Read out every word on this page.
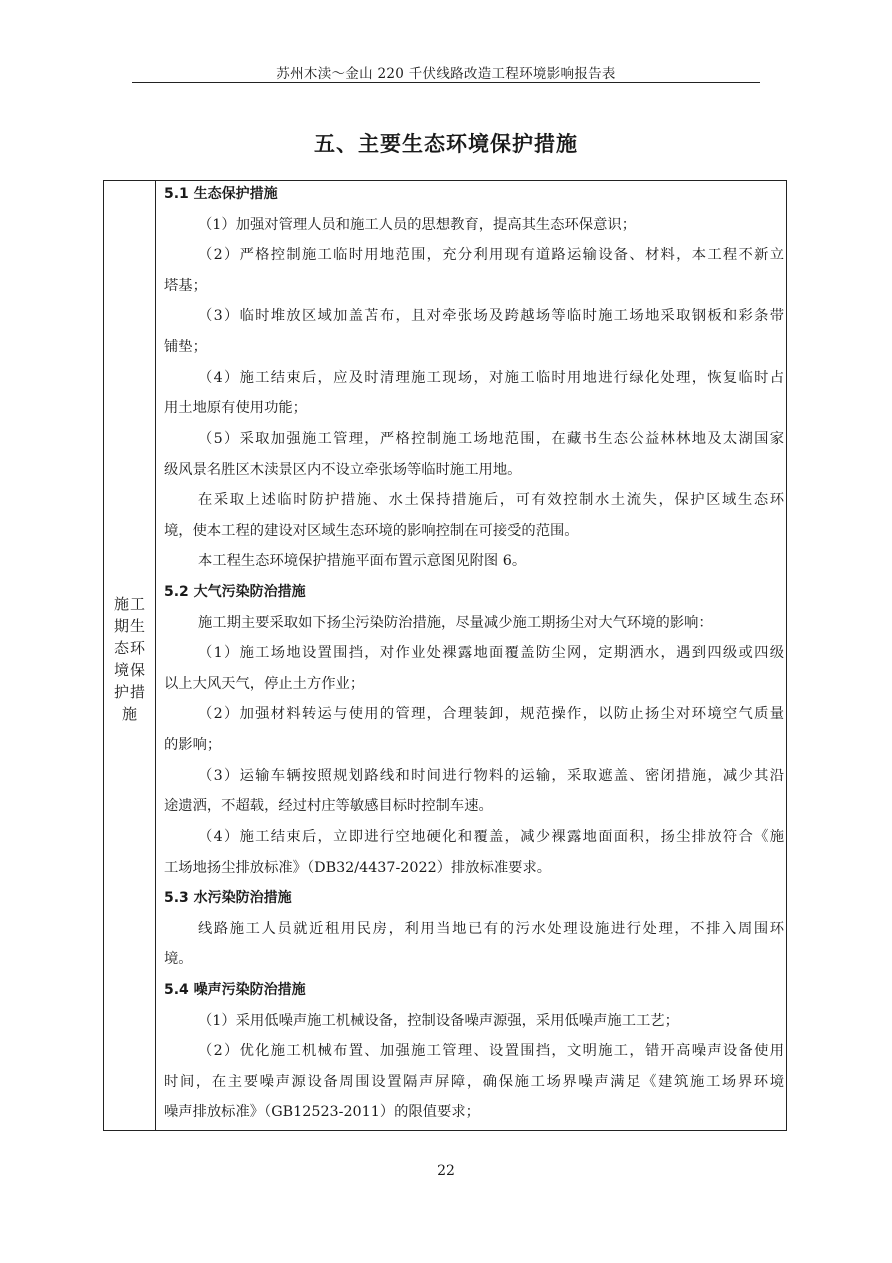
苏州木渎～金山 220 千伏线路改造工程环境影响报告表
五、主要生态环境保护措施
施工
期生
态环
境保
护措
施
5.1 生态保护措施
（1）加强对管理人员和施工人员的思想教育，提高其生态环保意识；
（2）严格控制施工临时用地范围，充分利用现有道路运输设备、材料，本工程不新立
塔基；
（3）临时堆放区域加盖苫布，且对牵张场及跨越场等临时施工场地采取钢板和彩条带
铺垫；
（4）施工结束后，应及时清理施工现场，对施工临时用地进行绿化处理，恢复临时占
用土地原有使用功能；
（5）采取加强施工管理，严格控制施工场地范围，在藏书生态公益林林地及太湖国家
级风景名胜区木渎景区内不设立牵张场等临时施工用地。
在采取上述临时防护措施、水土保持措施后，可有效控制水土流失，保护区域生态环
境，使本工程的建设对区域生态环境的影响控制在可接受的范围。
本工程生态环境保护措施平面布置示意图见附图 6。
5.2 大气污染防治措施
施工期主要采取如下扬尘污染防治措施，尽量减少施工期扬尘对大气环境的影响：
（1）施工场地设置围挡，对作业处裸露地面覆盖防尘网，定期洒水，遇到四级或四级
以上大风天气，停止土方作业；
（2）加强材料转运与使用的管理，合理装卸，规范操作，以防止扬尘对环境空气质量
的影响；
（3）运输车辆按照规划路线和时间进行物料的运输，采取遮盖、密闭措施，减少其沿
途遗洒，不超载，经过村庄等敏感目标时控制车速。
（4）施工结束后，立即进行空地硬化和覆盖，减少裸露地面面积，扬尘排放符合《施
工场地扬尘排放标准》（DB32/4437-2022）排放标准要求。
5.3 水污染防治措施
线路施工人员就近租用民房，利用当地已有的污水处理设施进行处理，不排入周围环
境。
5.4 噪声污染防治措施
（1）采用低噪声施工机械设备，控制设备噪声源强，采用低噪声施工工艺；
（2）优化施工机械布置、加强施工管理、设置围挡，文明施工，错开高噪声设备使用
时间，在主要噪声源设备周围设置隔声屏障，确保施工场界噪声满足《建筑施工场界环境
噪声排放标准》（GB12523-2011）的限值要求；
22
